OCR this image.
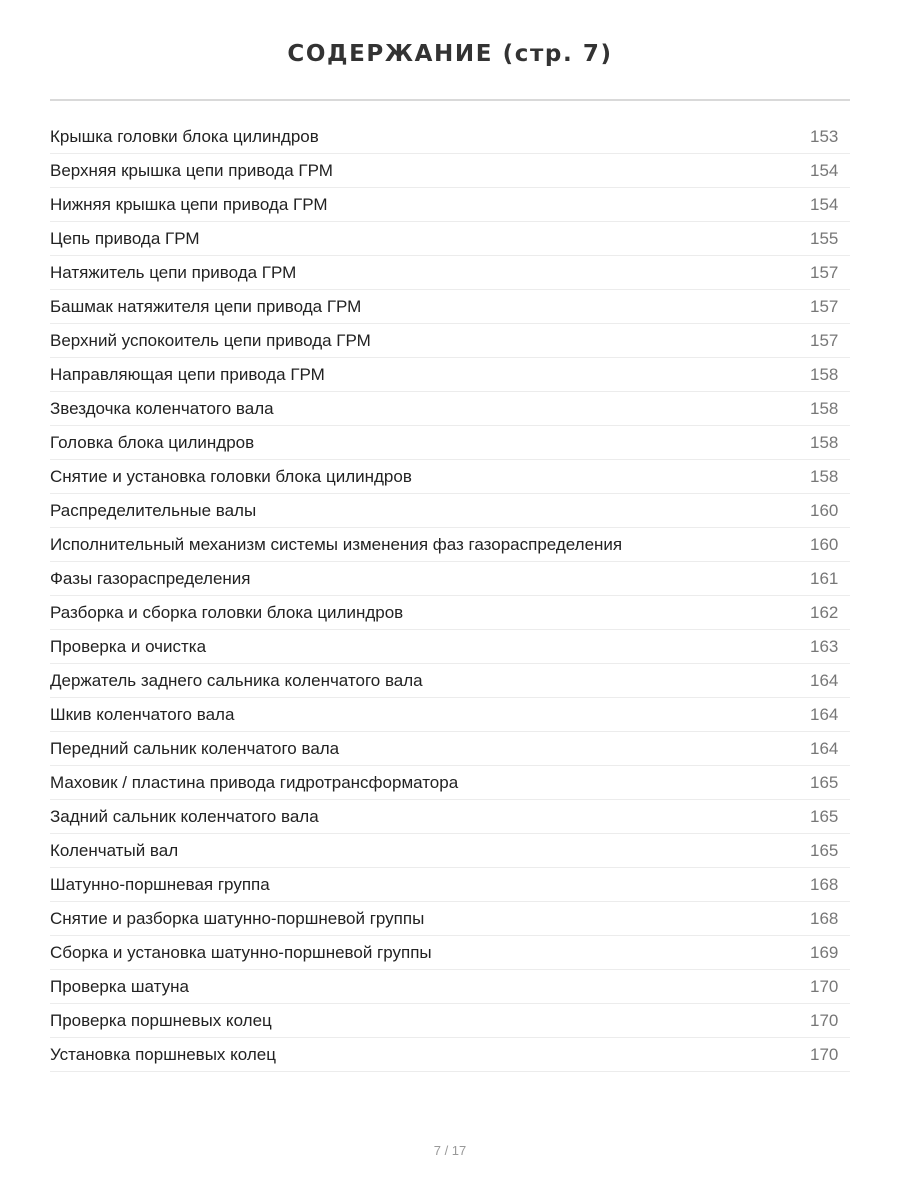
СОДЕРЖАНИЕ (стр. 7)
Крышка головки блока цилиндров	153
Верхняя крышка цепи привода ГРМ	154
Нижняя крышка цепи привода ГРМ	154
Цепь привода ГРМ	155
Натяжитель цепи привода ГРМ	157
Башмак натяжителя цепи привода ГРМ	157
Верхний успокоитель цепи привода ГРМ	157
Направляющая цепи привода ГРМ	158
Звездочка коленчатого вала	158
Головка блока цилиндров	158
Снятие и установка головки блока цилиндров	158
Распределительные валы	160
Исполнительный механизм системы изменения фаз газораспределения	160
Фазы газораспределения	161
Разборка и сборка головки блока цилиндров	162
Проверка и очистка	163
Держатель заднего сальника коленчатого вала	164
Шкив коленчатого вала	164
Передний сальник коленчатого вала	164
Маховик / пластина привода гидротрансформатора	165
Задний сальник коленчатого вала	165
Коленчатый вал	165
Шатунно-поршневая группа	168
Снятие и разборка шатунно-поршневой группы	168
Сборка и установка шатунно-поршневой группы	169
Проверка шатуна	170
Проверка поршневых колец	170
Установка поршневых колец	170
7 / 17
